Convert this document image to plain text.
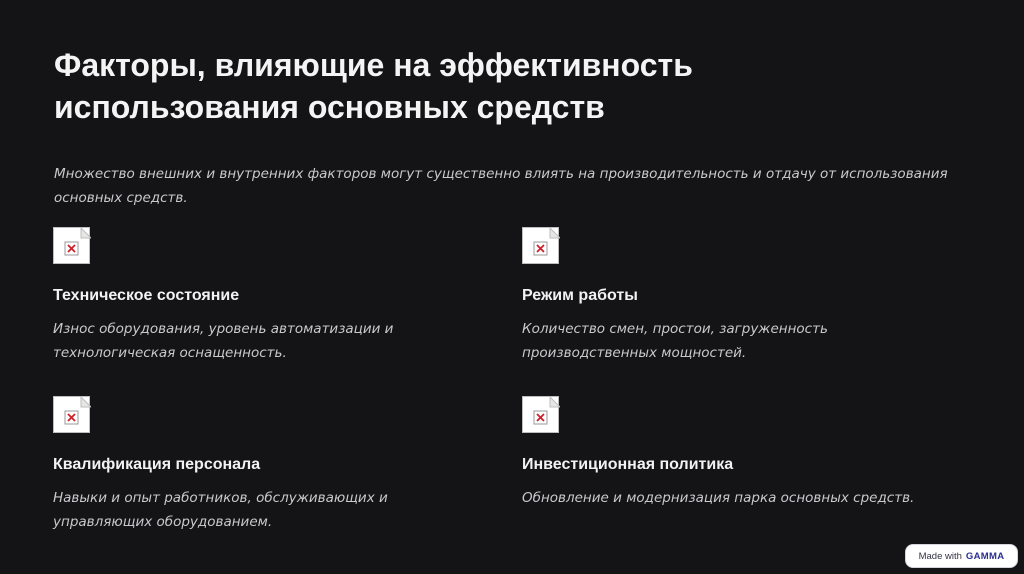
Факторы, влияющие на эффективность использования основных средств

Множество внешних и внутренних факторов могут существенно влиять на производительность и отдачу от использования основных средств.

Техническое состояние

Износ оборудования, уровень автоматизации и технологическая оснащенность.

Режим работы

Количество смен, простои, загруженность производственных мощностей.

Квалификация персонала

Навыки и опыт работников, обслуживающих и управляющих оборудованием.

Инвестиционная политика

Обновление и модернизация парка основных средств.

Made with GAMMA
